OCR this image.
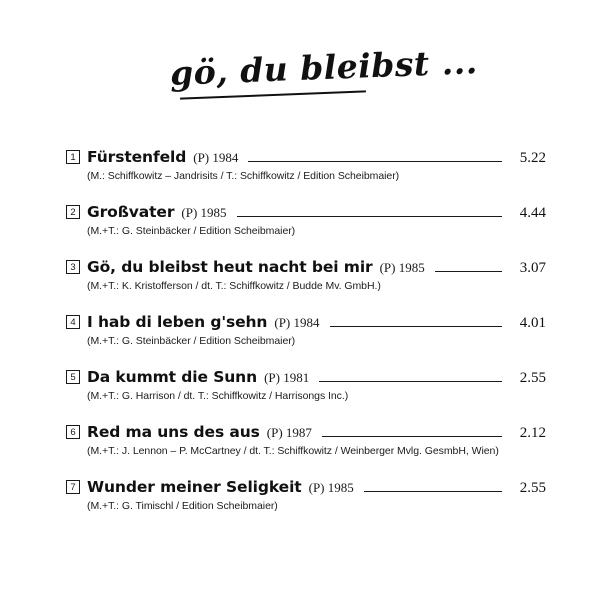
gö, du bleibst ...
1 Fürstenfeld (P) 1984	5.22
(M.: Schiffkowitz – Jandrisits / T.: Schiffkowitz / Edition Scheibmaier)
2 Großvater (P) 1985	4.44
(M.+T.: G. Steinbäcker / Edition Scheibmaier)
3 Gö, du bleibst heut nacht bei mir (P) 1985	3.07
(M.+T.: K. Kristofferson / dt. T.: Schiffkowitz / Budde Mv. GmbH.)
4 I hab di leben g'sehn (P) 1984	4.01
(M.+T.: G. Steinbäcker / Edition Scheibmaier)
5 Da kummt die Sunn (P) 1981	2.55
(M.+T.: G. Harrison / dt. T.: Schiffkowitz / Harrisongs Inc.)
6 Red ma uns des aus (P) 1987	2.12
(M.+T.: J. Lennon – P. McCartney / dt. T.: Schiffkowitz / Weinberger Mvlg. GesmbH, Wien)
7 Wunder meiner Seligkeit (P) 1985	2.55
(M.+T.: G. Timischl / Edition Scheibmaier)
